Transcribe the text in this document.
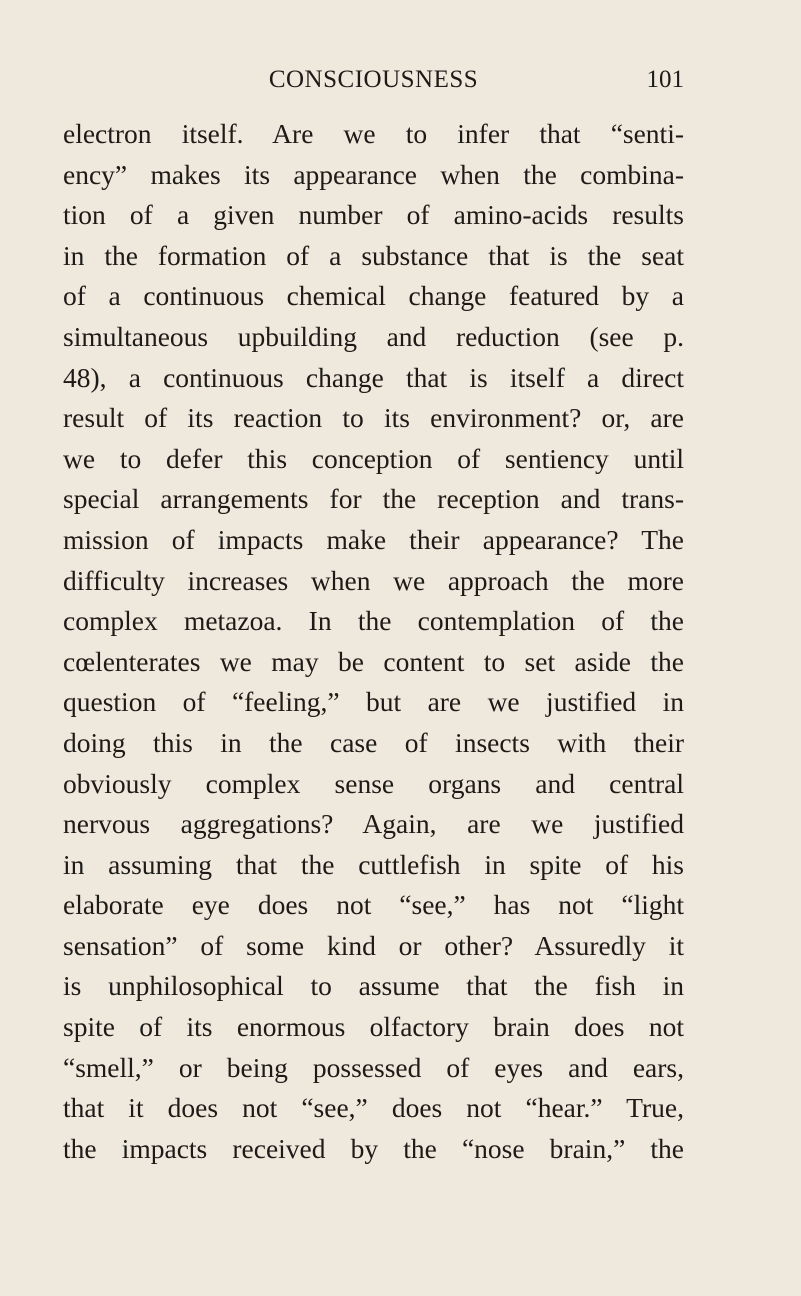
CONSCIOUSNESS	101
electron itself. Are we to infer that “senti-
ency” makes its appearance when the combina-
tion of a given number of amino-acids results
in the formation of a substance that is the seat
of a continuous chemical change featured by a
simultaneous upbuilding and reduction (see p.
48), a continuous change that is itself a direct
result of its reaction to its environment? or, are
we to defer this conception of sentiency until
special arrangements for the reception and trans-
mission of impacts make their appearance? The
difficulty increases when we approach the more
complex metazoa. In the contemplation of the
cœlenterates we may be content to set aside the
question of “feeling,” but are we justified in
doing this in the case of insects with their
obviously complex sense organs and central
nervous aggregations? Again, are we justified
in assuming that the cuttlefish in spite of his
elaborate eye does not “see,” has not “light
sensation” of some kind or other? Assuredly it
is unphilosophical to assume that the fish in
spite of its enormous olfactory brain does not
“smell,” or being possessed of eyes and ears,
that it does not “see,” does not “hear.” True,
the impacts received by the “nose brain,” the
